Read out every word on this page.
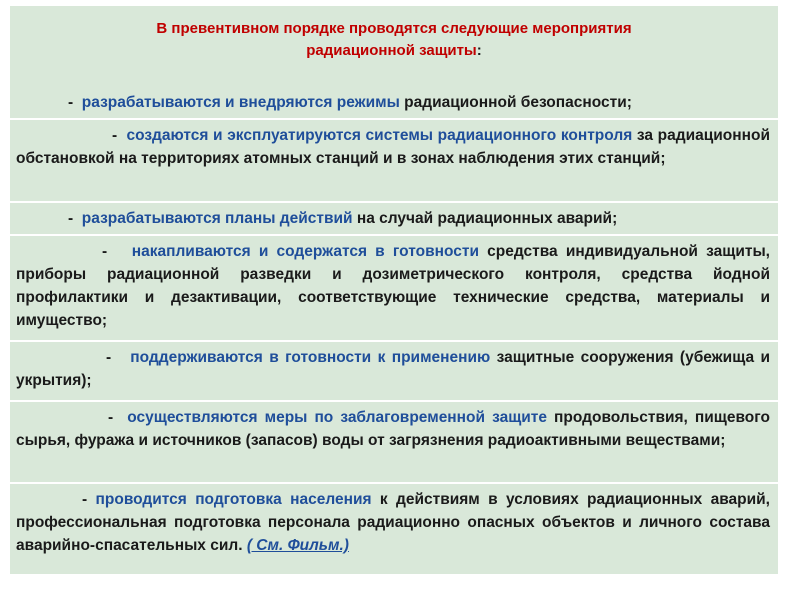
В превентивном порядке проводятся следующие мероприятия
радиационной защиты:
- разрабатываются и внедряются режимы радиационной безопасности;
- создаются и эксплуатируются системы радиационного контроля за радиационной обстановкой на территориях атомных станций и в зонах наблюдения этих станций;
- разрабатываются планы действий на случай радиационных аварий;
- накапливаются и содержатся в готовности средства индивидуальной защиты, приборы радиационной разведки и дозиметрического контроля, средства йодной профилактики и дезактивации, соответствующие технические средства, материалы и имущество;
- поддерживаются в готовности к применению защитные сооружения (убежища и укрытия);
- осуществляются меры по заблаговременной защите продовольствия, пищевого сырья, фуража и источников (запасов) воды от загрязнения радиоактивными веществами;
- проводится подготовка населения к действиям в условиях радиационных аварий, профессиональная подготовка персонала радиационно опасных объектов и личного состава аварийно-спасательных сил. ( См. Фильм.)
